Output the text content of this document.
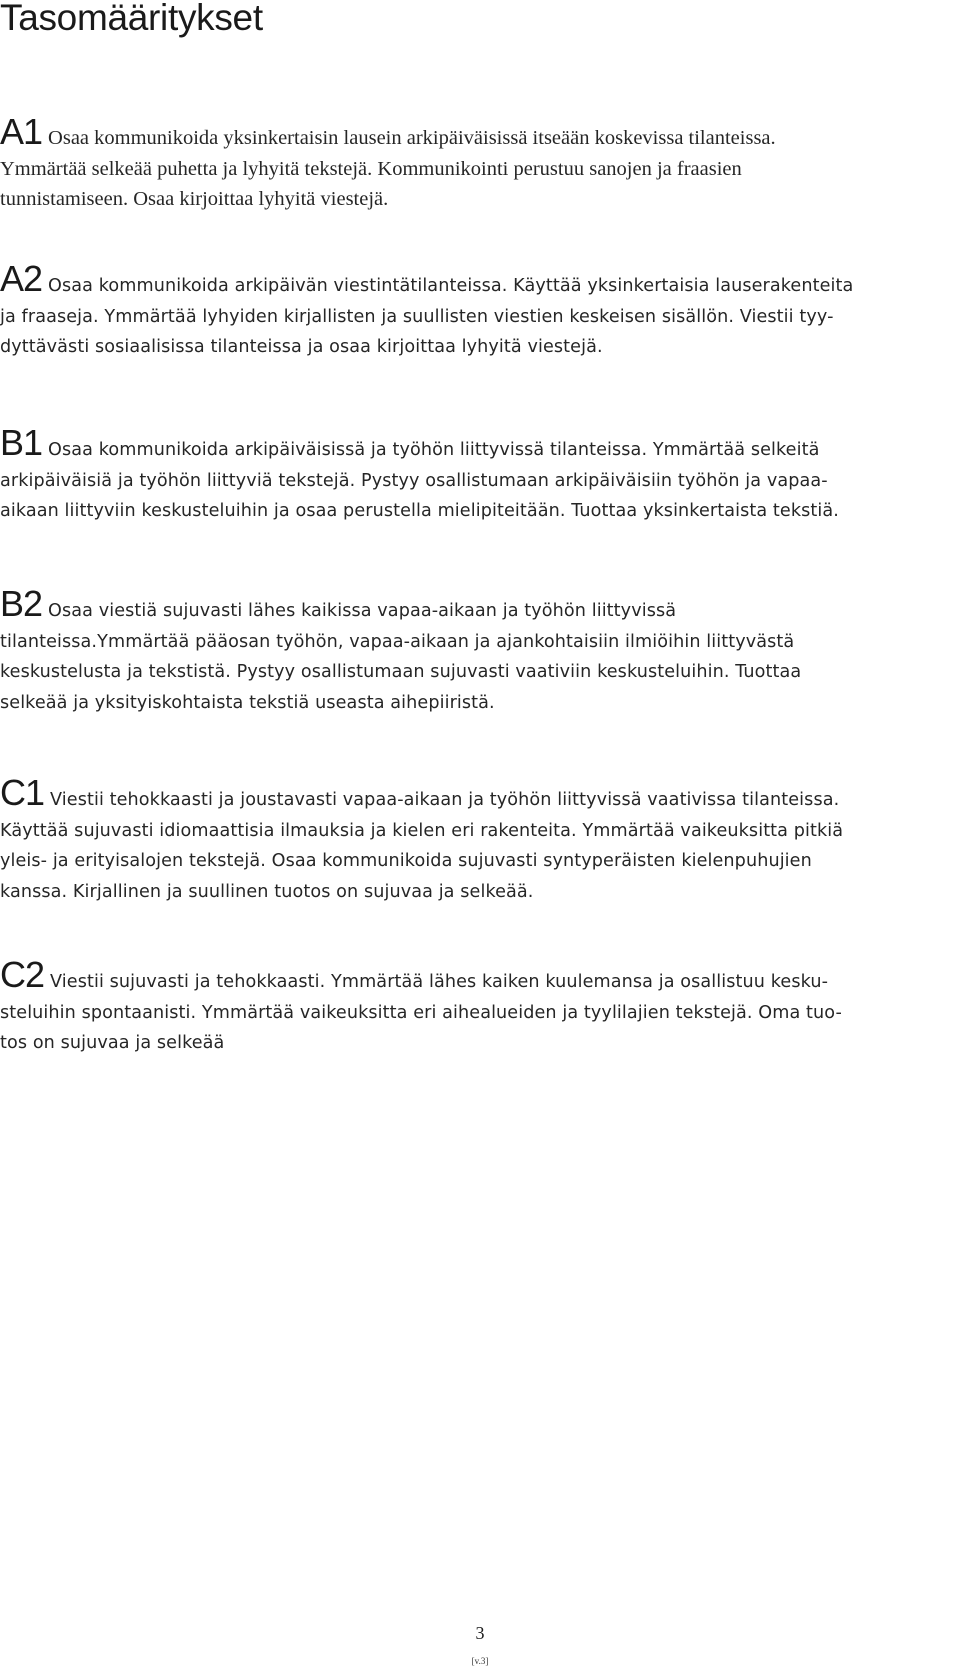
Tasomääritykset

A1 Osaa kommunikoida yksinkertaisin lausein arkipäiväisissä itseään koskevissa tilanteissa.
Ymmärtää selkeää puhetta ja lyhyitä tekstejä. Kommunikointi perustuu sanojen ja fraasien
tunnistamiseen. Osaa kirjoittaa lyhyitä viestejä.

A2 Osaa kommunikoida arkipäivän viestintätilanteissa. Käyttää yksinkertaisia lauserakenteita
ja fraaseja. Ymmärtää lyhyiden kirjallisten ja suullisten viestien keskeisen sisällön. Viestii tyy-
dyttävästi sosiaalisissa tilanteissa ja osaa kirjoittaa lyhyitä viestejä.

B1 Osaa kommunikoida arkipäiväisissä ja työhön liittyvissä tilanteissa. Ymmärtää selkeitä
arkipäiväisiä ja työhön liittyviä tekstejä. Pystyy osallistumaan arkipäiväisiin työhön ja vapaa-
aikaan liittyviin keskusteluihin ja osaa perustella mielipiteitään. Tuottaa yksinkertaista tekstiä.

B2 Osaa viestiä sujuvasti lähes kaikissa vapaa-aikaan ja työhön liittyvissä
tilanteissa.Ymmärtää pääosan työhön, vapaa-aikaan ja ajankohtaisiin ilmiöihin liittyvästä
keskustelusta ja tekstistä. Pystyy osallistumaan sujuvasti vaativiin keskusteluihin. Tuottaa
selkeää ja yksityiskohtaista tekstiä useasta aihepiiristä.

C1 Viestii tehokkaasti ja joustavasti vapaa-aikaan ja työhön liittyvissä vaativissa tilanteissa.
Käyttää sujuvasti idiomaattisia ilmauksia ja kielen eri rakenteita. Ymmärtää vaikeuksitta pitkiä
yleis- ja erityisalojen tekstejä. Osaa kommunikoida sujuvasti syntyperäisten kielenpuhujien
kanssa. Kirjallinen ja suullinen tuotos on sujuvaa ja selkeää.

C2 Viestii sujuvasti ja tehokkaasti. Ymmärtää lähes kaiken kuulemansa ja osallistuu kesku-
steluihin spontaanisti. Ymmärtää vaikeuksitta eri aihealueiden ja tyylilajien tekstejä. Oma tuo-
tos on sujuvaa ja selkeää

3
[v.3]
